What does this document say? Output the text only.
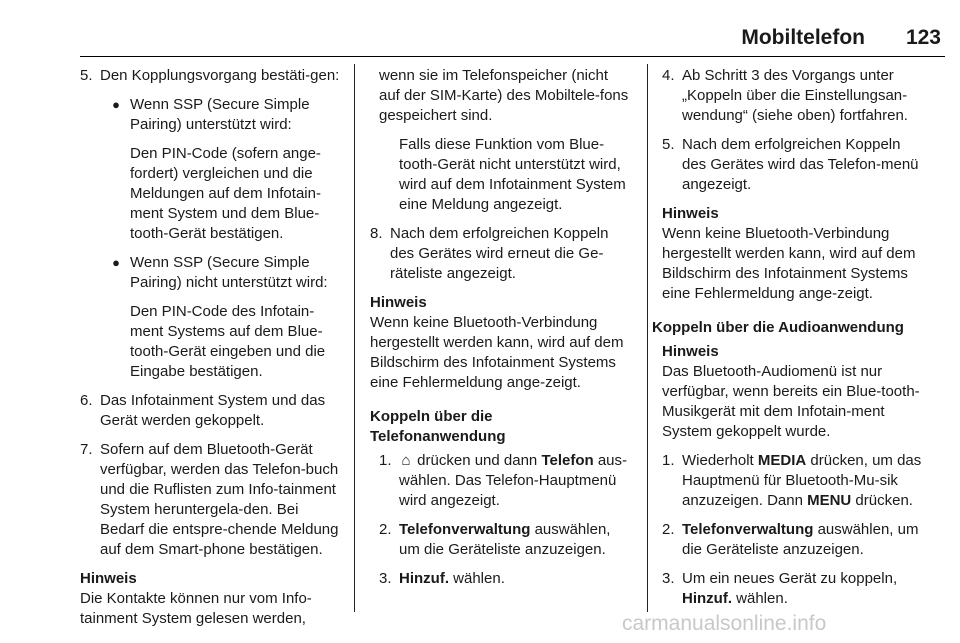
Mobiltelefon 123
5. Den Kopplungsvorgang bestäti-gen:
● Wenn SSP (Secure Simple Pairing) unterstützt wird:
Den PIN-Code (sofern ange-fordert) vergleichen und die Meldungen auf dem Infotain-ment System und dem Blue-tooth-Gerät bestätigen.
● Wenn SSP (Secure Simple Pairing) nicht unterstützt wird:
Den PIN-Code des Infotain-ment Systems auf dem Blue-tooth-Gerät eingeben und die Eingabe bestätigen.
6. Das Infotainment System und das Gerät werden gekoppelt.
7. Sofern auf dem Bluetooth-Gerät verfügbar, werden das Telefon-buch und die Ruflisten zum Info-tainment System heruntergela-den. Bei Bedarf die entspre-chende Meldung auf dem Smart-phone bestätigen.
Hinweis
Die Kontakte können nur vom Info-tainment System gelesen werden,
wenn sie im Telefonspeicher (nicht auf der SIM-Karte) des Mobiltele-fons gespeichert sind.
Falls diese Funktion vom Blue-tooth-Gerät nicht unterstützt wird, wird auf dem Infotainment System eine Meldung angezeigt.
8. Nach dem erfolgreichen Koppeln des Gerätes wird erneut die Ge-räteliste angezeigt.
Hinweis
Wenn keine Bluetooth-Verbindung hergestellt werden kann, wird auf dem Bildschirm des Infotainment Systems eine Fehlermeldung ange-zeigt.
Koppeln über die Telefonanwendung
1. ⌂ drücken und dann Telefon aus-wählen. Das Telefon-Hauptmenü wird angezeigt.
2. Telefonverwaltung auswählen, um die Geräteliste anzuzeigen.
3. Hinzuf. wählen.
4. Ab Schritt 3 des Vorgangs unter „Koppeln über die Einstellungsan-wendung“ (siehe oben) fortfahren.
5. Nach dem erfolgreichen Koppeln des Gerätes wird das Telefon-menü angezeigt.
Hinweis
Wenn keine Bluetooth-Verbindung hergestellt werden kann, wird auf dem Bildschirm des Infotainment Systems eine Fehlermeldung ange-zeigt.
Koppeln über die Audioanwendung
Hinweis
Das Bluetooth-Audiomenü ist nur verfügbar, wenn bereits ein Blue-tooth-Musikgerät mit dem Infotain-ment System gekoppelt wurde.
1. Wiederholt MEDIA drücken, um das Hauptmenü für Bluetooth-Mu-sik anzuzeigen. Dann MENU drücken.
2. Telefonverwaltung auswählen, um die Geräteliste anzuzeigen.
3. Um ein neues Gerät zu koppeln, Hinzuf. wählen.
carmanualsonline.info
